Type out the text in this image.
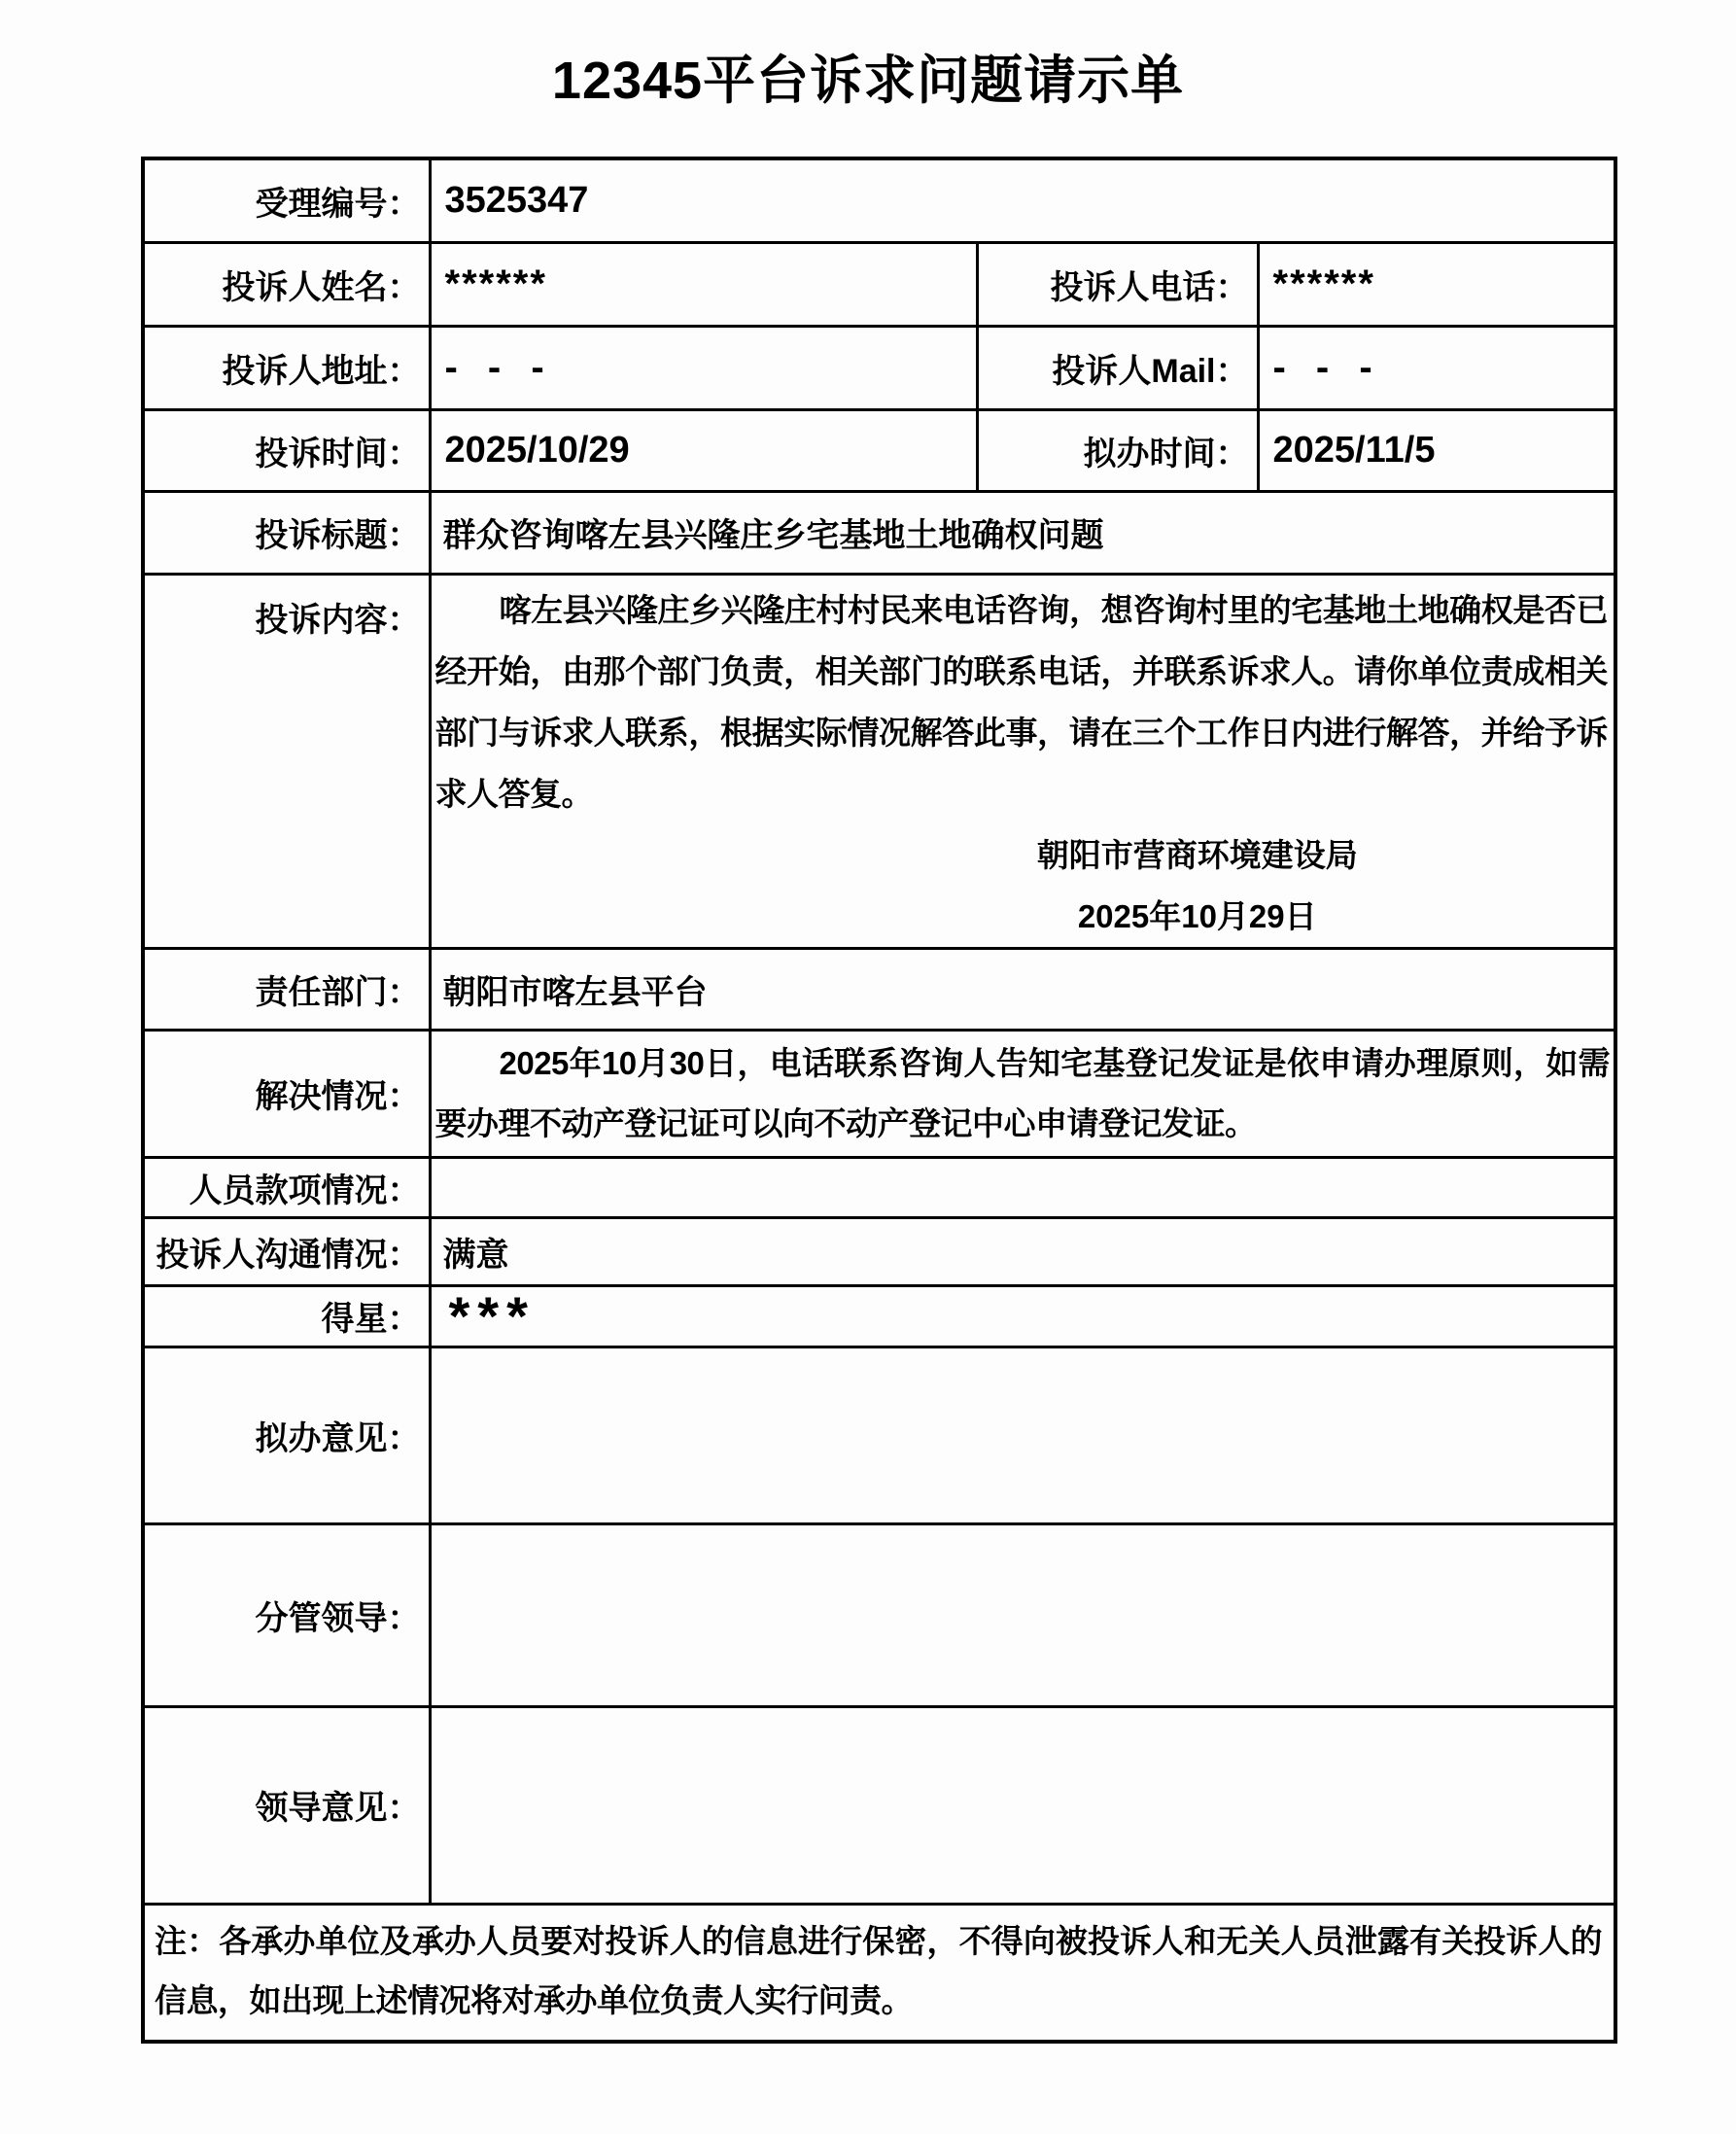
12345平台诉求问题请示单
受理编号：	3525347		
投诉人姓名：	******	投诉人电话：	******
投诉人地址：	- - -	投诉人Mail：	- - -
投诉时间：	2025/10/29	拟办时间：	2025/11/5
投诉标题：	群众咨询喀左县兴隆庄乡宅基地土地确权问题		
投诉内容：	喀左县兴隆庄乡兴隆庄村村民来电话咨询，想咨询村里的宅基地土地确权是否已经开始，由那个部门负责，相关部门的联系电话，并联系诉求人。请你单位责成相关部门与诉求人联系，根据实际情况解答此事，请在三个工作日内进行解答，并给予诉求人答复。
朝阳市营商环境建设局
2025年10月29日		

责任部门：	朝阳市喀左县平台		
解决情况：	2025年10月30日，电话联系咨询人告知宅基登记发证是依申请办理原则，如需要办理不动产登记证可以向不动产登记中心申请登记发证。		

人员款项情况：			
投诉人沟通情况：	满意		
得星：	***		
拟办意见：			
分管领导：			
领导意见：			
注：各承办单位及承办人员要对投诉人的信息进行保密，不得向被投诉人和无关人员泄露有关投诉人的信息，如出现上述情况将对承办单位负责人实行问责。			
